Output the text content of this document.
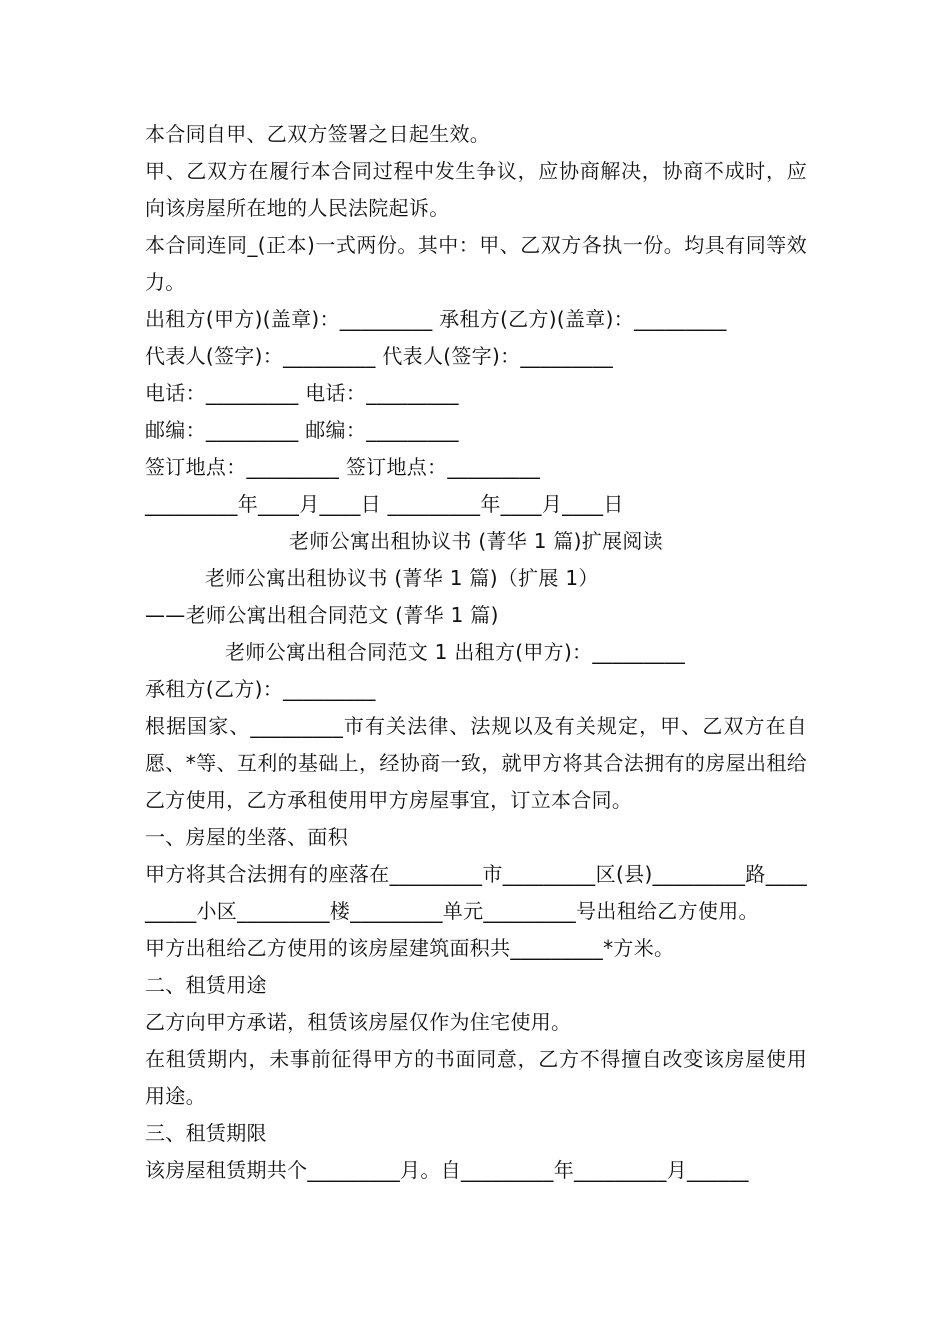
本合同自甲、乙双方签署之日起生效。

甲、乙双方在履行本合同过程中发生争议，应协商解决，协商不成时，应向该房屋所在地的人民法院起诉。

本合同连同_(正本)一式两份。其中：甲、乙双方各执一份。均具有同等效力。

出租方(甲方)(盖章)：_________ 承租方(乙方)(盖章)：_________

代表人(签字)：_________ 代表人(签字)：_________

电话：_________ 电话：_________

邮编：_________ 邮编：_________

签订地点：_________ 签订地点：_________

_________年____月____日 _________年____月____日

老师公寓出租协议书 (菁华 1 篇)扩展阅读

老师公寓出租协议书 (菁华 1 篇)（扩展 1）

——老师公寓出租合同范文 (菁华 1 篇)

老师公寓出租合同范文 1 出租方(甲方)：_________

承租方(乙方)：_________

根据国家、_________市有关法律、法规以及有关规定，甲、乙双方在自愿、*等、互利的基础上，经协商一致，就甲方将其合法拥有的房屋出租给乙方使用，乙方承租使用甲方房屋事宜，订立本合同。

一、房屋的坐落、面积

甲方将其合法拥有的座落在_________市_________区(县)_________路_________小区_________楼_________单元_________号出租给乙方使用。

甲方出租给乙方使用的该房屋建筑面积共_________*方米。

二、租赁用途

乙方向甲方承诺，租赁该房屋仅作为住宅使用。

在租赁期内，未事前征得甲方的书面同意，乙方不得擅自改变该房屋使用用途。

三、租赁期限

该房屋租赁期共个_________月。自_________年_________月______
